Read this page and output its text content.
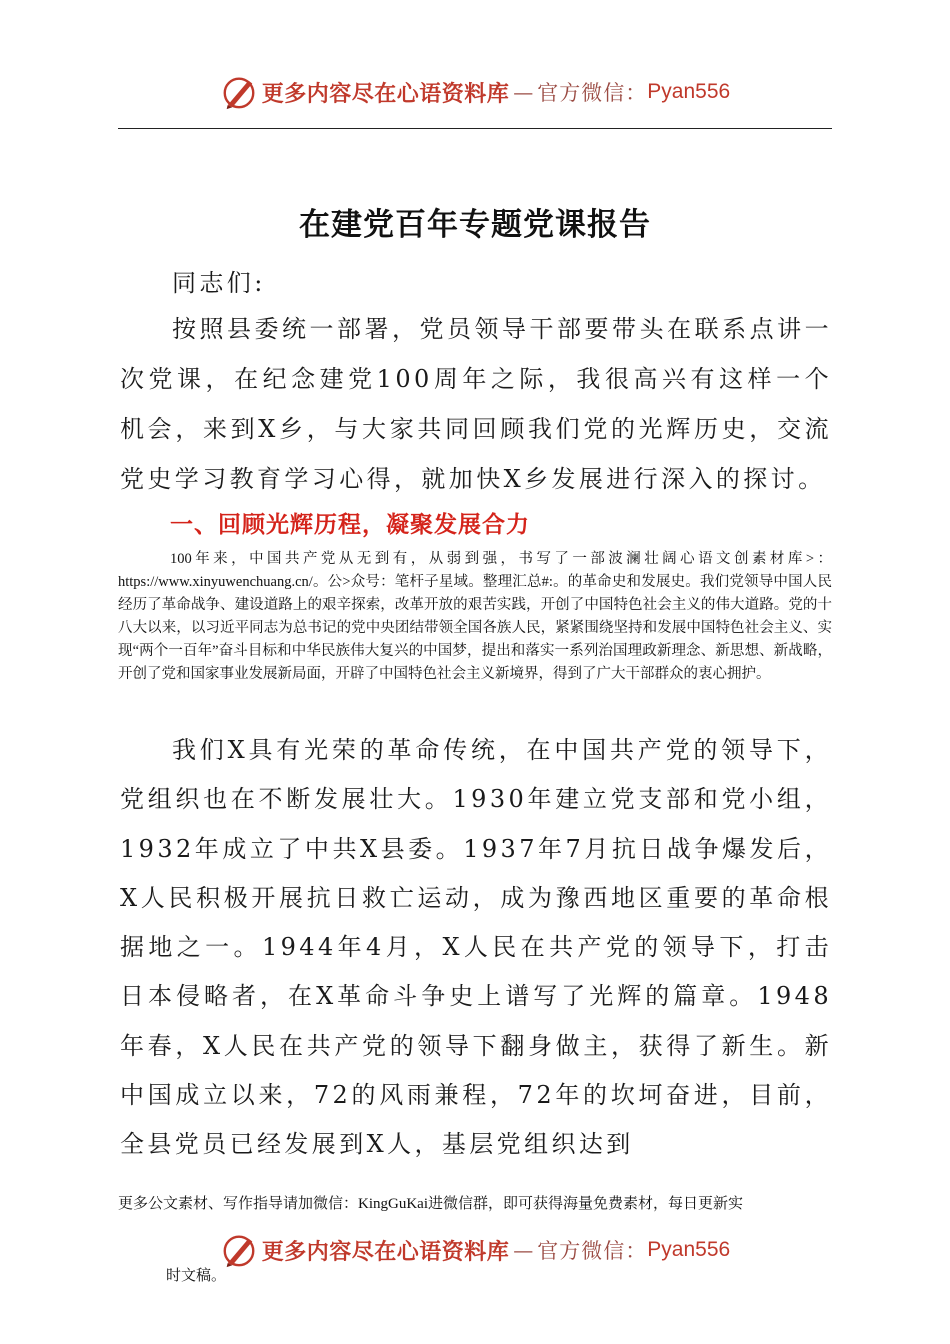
更多内容尽在心语资料库 — 官方微信： Pyan556
在建党百年专题党课报告

同志们:

按照县委统一部署，党员领导干部要带头在联系点讲一次党课，在纪念建党100周年之际，我很高兴有这样一个机会，来到X乡，与大家共同回顾我们党的光辉历史，交流党史学习教育学习心得，就加快X乡发展进行深入的探讨。

一、回顾光辉历程，凝聚发展合力

100年来，中国共产党从无到有，从弱到强，书写了一部波澜壮阔心语文创素材库>：https://www.xinyuwenchuang.cn/。公>众号：笔杆子星域。整理汇总#:。的革命史和发展史。我们党领导中国人民经历了革命战争、建设道路上的艰辛探索，改革开放的艰苦实践，开创了中国特色社会主义的伟大道路。党的十八大以来，以习近平同志为总书记的党中央团结带领全国各族人民，紧紧围绕坚持和发展中国特色社会主义、实现“两个一百年”奋斗目标和中华民族伟大复兴的中国梦，提出和落实一系列治国理政新理念、新思想、新战略，开创了党和国家事业发展新局面，开辟了中国特色社会主义新境界，得到了广大干部群众的衷心拥护。

我们X具有光荣的革命传统，在中国共产党的领导下，党组织也在不断发展壮大。1930年建立党支部和党小组，1932年成立了中共X县委。1937年7月抗日战争爆发后，X人民积极开展抗日救亡运动，成为豫西地区重要的革命根据地之一。1944年4月，X人民在共产党的领导下，打击日本侵略者，在X革命斗争史上谱写了光辉的篇章。1948年春，X人民在共产党的领导下翻身做主，获得了新生。新中国成立以来，72的风雨兼程，72年的坎坷奋进，目前，全县党员已经发展到X人，基层党组织达到

更多公文素材、写作指导请加微信：KingGuKai进微信群，即可获得海量免费素材，每日更新实

更多内容尽在心语资料库 — 官方微信： Pyan556

时文稿。
